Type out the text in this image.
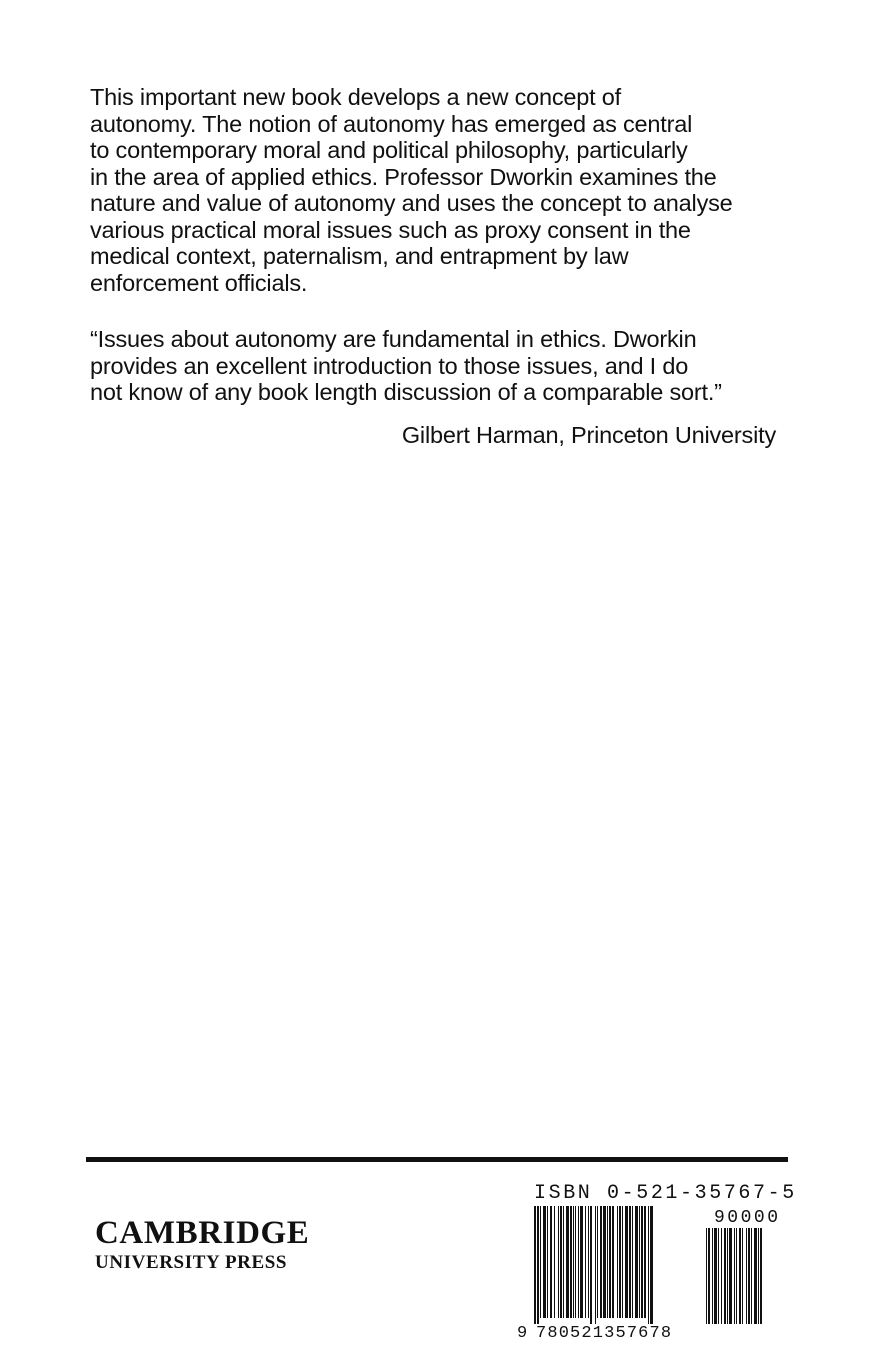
This important new book develops a new concept of
autonomy. The notion of autonomy has emerged as central
to contemporary moral and political philosophy, particularly
in the area of applied ethics. Professor Dworkin examines the
nature and value of autonomy and uses the concept to analyse
various practical moral issues such as proxy consent in the
medical context, paternalism, and entrapment by law
enforcement officials.
“Issues about autonomy are fundamental in ethics. Dworkin
provides an excellent introduction to those issues, and I do
not know of any book length discussion of a comparable sort.”
Gilbert Harman, Princeton University
CAMBRIDGE
UNIVERSITY PRESS
ISBN 0-521-35767-5
90000
9 780521357678
